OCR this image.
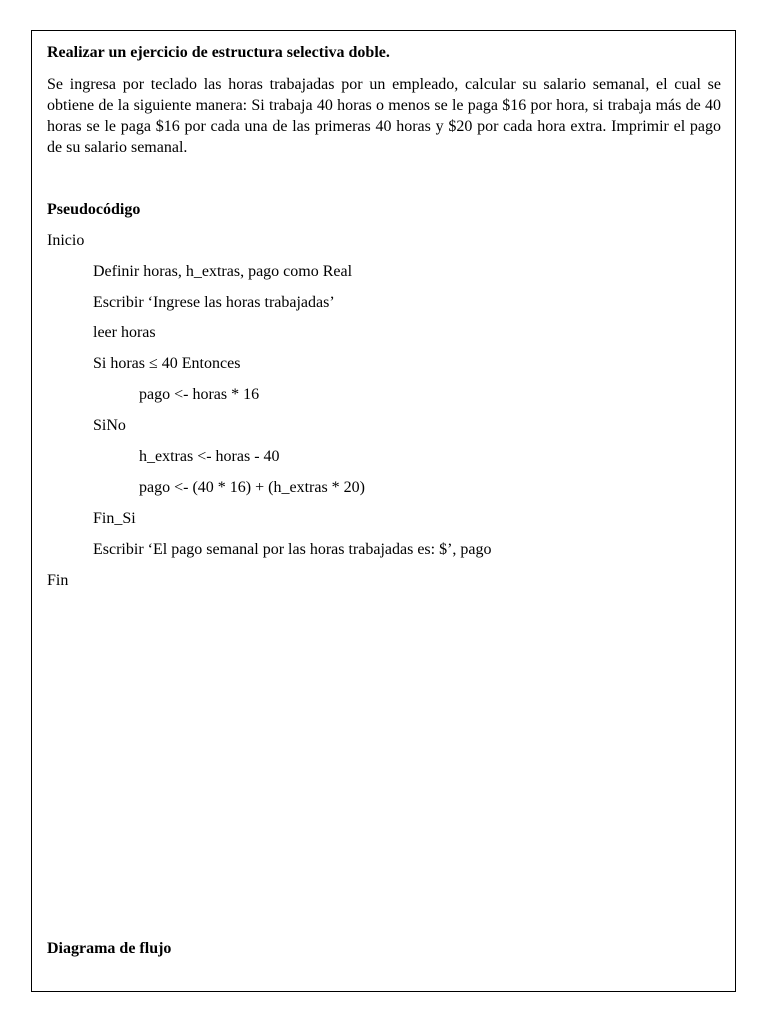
Realizar un ejercicio de estructura selectiva doble.

Se ingresa por teclado las horas trabajadas por un empleado, calcular su salario semanal, el cual se obtiene de la siguiente manera: Si trabaja 40 horas o menos se le paga $16 por hora, si trabaja más de 40 horas se le paga $16 por cada una de las primeras 40 horas y $20 por cada hora extra. Imprimir el pago de su salario semanal.

Pseudocódigo

Inicio

Definir horas, h_extras, pago como Real

Escribir ‘Ingrese las horas trabajadas’

leer horas

Si horas ≤ 40 Entonces

pago <- horas * 16

SiNo

h_extras <- horas - 40

pago <- (40 * 16) + (h_extras * 20)

Fin_Si

Escribir ‘El pago semanal por las horas trabajadas es: $’, pago

Fin

Diagrama de flujo
